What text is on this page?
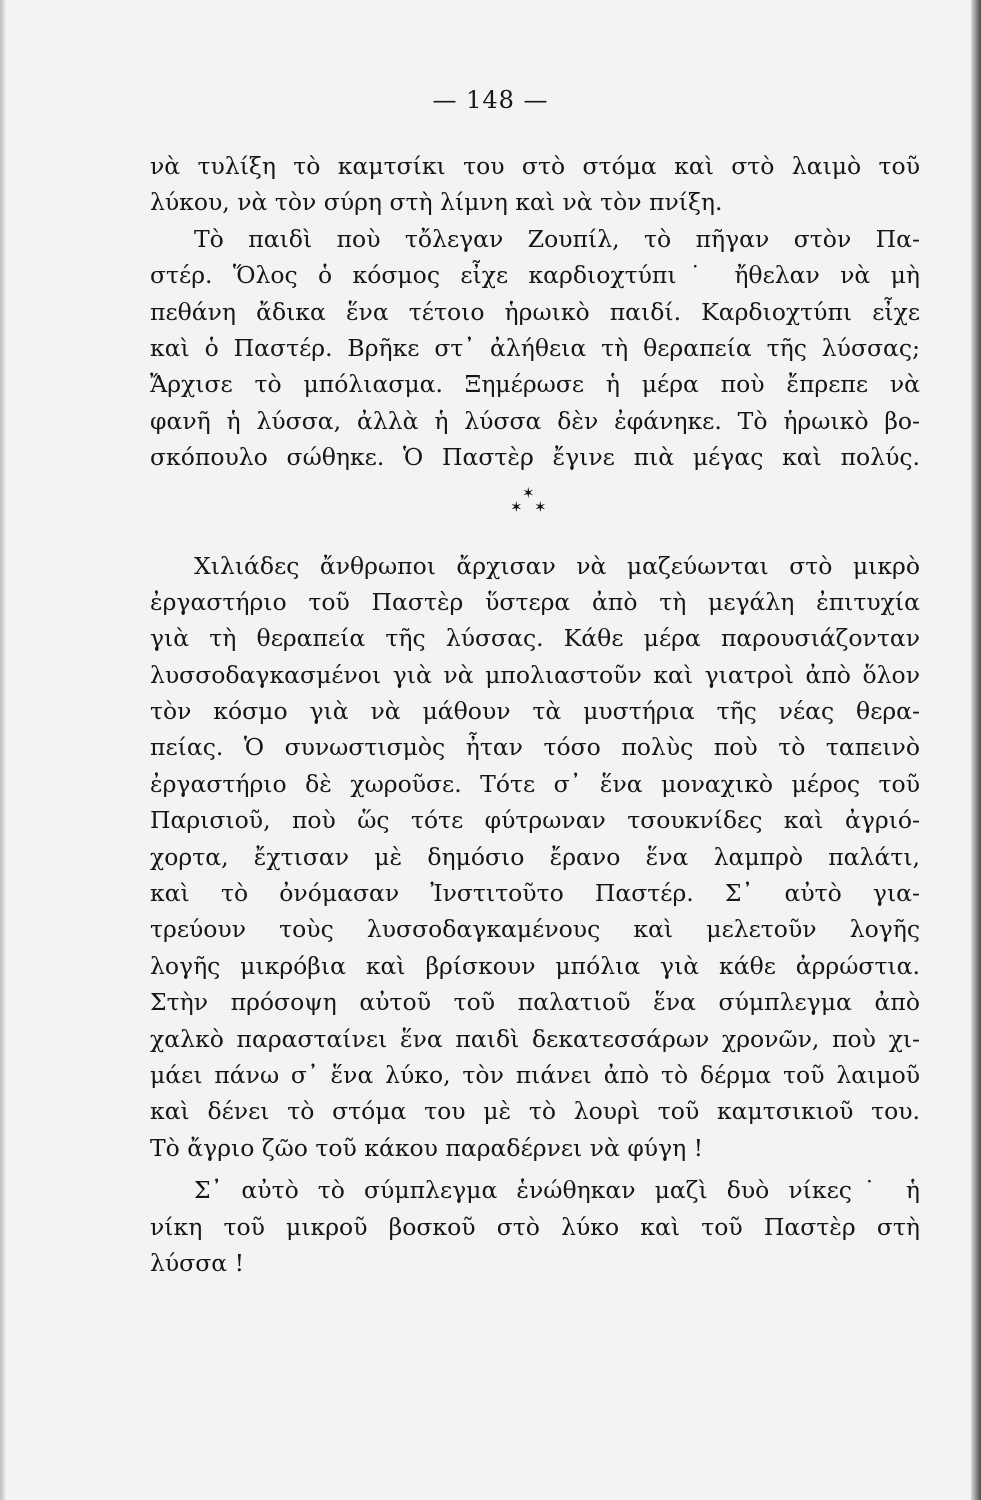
— 148 —
νὰ τυλίξη τὸ καμτσίκι του στὸ στόμα καὶ στὸ λαιμὸ τοῦ
λύκου, νὰ τὸν σύρη στὴ λίμνη καὶ νὰ τὸν πνίξη.
Τὸ παιδὶ ποὺ τὄλεγαν Ζουπίλ, τὸ πῆγαν στὸν Πα-
στέρ. Ὅλος ὁ κόσμος εἶχε καρδιοχτύπι˙ ἤθελαν νὰ μὴ
πεθάνη ἄδικα ἕνα τέτοιο ἡρωικὸ παιδί. Καρδιοχτύπι εἶχε
καὶ ὁ Παστέρ. Βρῆκε στ᾿ ἀλήθεια τὴ θεραπεία τῆς λύσσας;
Ἄρχισε τὸ μπόλιασμα. Ξημέρωσε ἡ μέρα ποὺ ἔπρεπε νὰ
φανῆ ἡ λύσσα, ἀλλὰ ἡ λύσσα δὲν ἐφάνηκε. Τὸ ἡρωικὸ βο-
σκόπουλο σώθηκε. Ὁ Παστὲρ ἔγινε πιὰ μέγας καὶ πολύς.
✶
✶ ✶
Χιλιάδες ἄνθρωποι ἄρχισαν νὰ μαζεύωνται στὸ μικρὸ
ἐργαστήριο τοῦ Παστὲρ ὕστερα ἀπὸ τὴ μεγάλη ἐπιτυχία
γιὰ τὴ θεραπεία τῆς λύσσας. Κάθε μέρα παρουσιάζονταν
λυσσοδαγκασμένοι γιὰ νὰ μπολιαστοῦν καὶ γιατροὶ ἀπὸ ὅλον
τὸν κόσμο γιὰ νὰ μάθουν τὰ μυστήρια τῆς νέας θερα-
πείας. Ὁ συνωστισμὸς ἦταν τόσο πολὺς ποὺ τὸ ταπεινὸ
ἐργαστήριο δὲ χωροῦσε. Τότε σ᾿ ἕνα μοναχικὸ μέρος τοῦ
Παρισιοῦ, ποὺ ὥς τότε φύτρωναν τσουκνίδες καὶ ἀγριό-
χορτα, ἔχτισαν μὲ δημόσιο ἔρανο ἕνα λαμπρὸ παλάτι,
καὶ τὸ ὀνόμασαν Ἰνστιτοῦτο Παστέρ. Σ᾿ αὐτὸ για-
τρεύουν τοὺς λυσσοδαγκαμένους καὶ μελετοῦν λογῆς
λογῆς μικρόβια καὶ βρίσκουν μπόλια γιὰ κάθε ἀρρώστια.
Στὴν πρόσοψη αὐτοῦ τοῦ παλατιοῦ ἕνα σύμπλεγμα ἀπὸ
χαλκὸ παρασταίνει ἕνα παιδὶ δεκατεσσάρων χρονῶν, ποὺ χι-
μάει πάνω σ᾿ ἕνα λύκο, τὸν πιάνει ἀπὸ τὸ δέρμα τοῦ λαιμοῦ
καὶ δένει τὸ στόμα του μὲ τὸ λουρὶ τοῦ καμτσικιοῦ του.
Τὸ ἄγριο ζῶο τοῦ κάκου παραδέρνει νὰ φύγη !
Σ᾿ αὐτὸ τὸ σύμπλεγμα ἑνώθηκαν μαζὶ δυὸ νίκες˙ ἡ
νίκη τοῦ μικροῦ βοσκοῦ στὸ λύκο καὶ τοῦ Παστὲρ στὴ
λύσσα !
